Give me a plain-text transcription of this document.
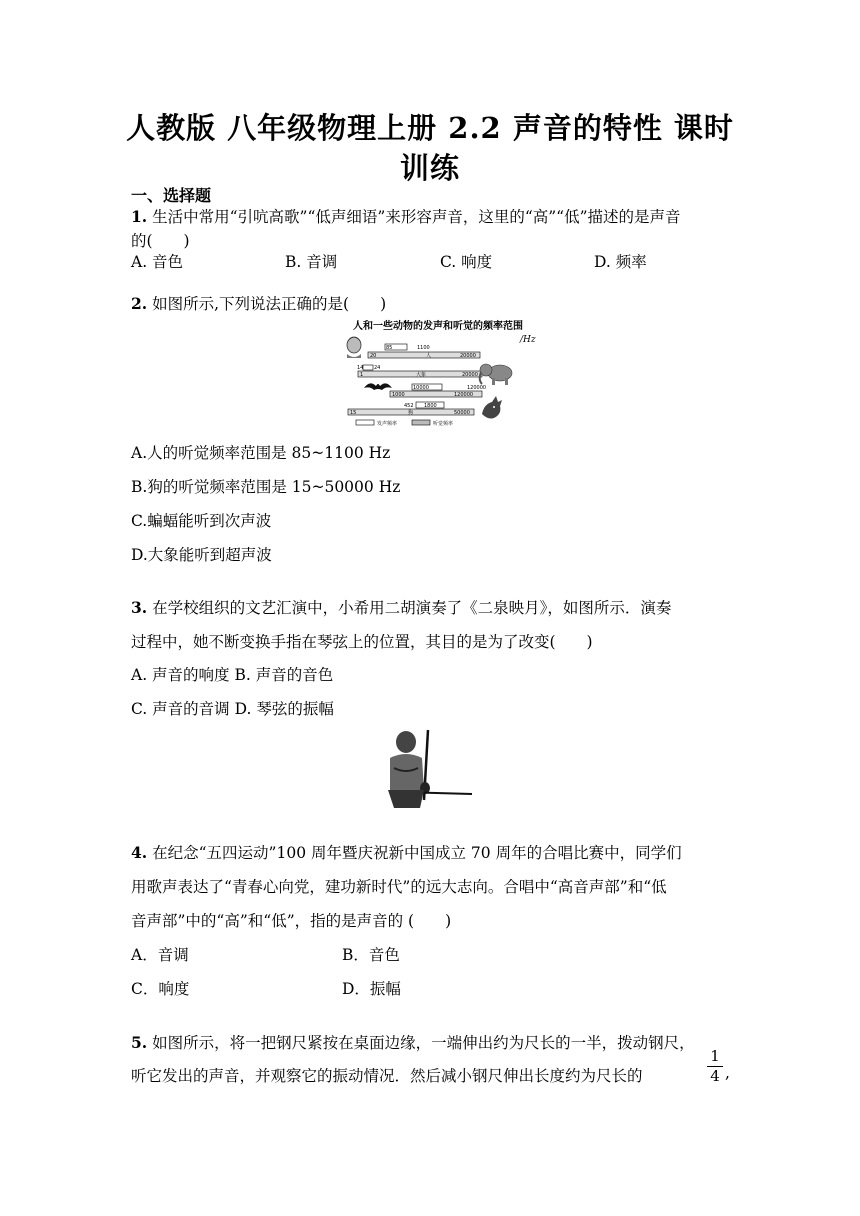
人教版 八年级物理上册 2.2 声音的特性 课时
训练
一、选择题
1. 生活中常用“引吭高歌”“低声细语”来形容声音，这里的“高”“低”描述的是声音
的(　　)
A. 音色	B. 音调	C. 响度	D. 频率
2. 如图所示,下列说法正确的是(　　)
人和一些动物的发声和听觉的频率范围
/Hz
85	1100
20	人	20000
14 24
1	大象	20000
10000	120000
1000	120000
452 1800
15	狗	50000
发声频率	听觉频率
A.人的听觉频率范围是 85~1100 Hz
B.狗的听觉频率范围是 15~50000 Hz
C.蝙蝠能听到次声波
D.大象能听到超声波
3. 在学校组织的文艺汇演中，小希用二胡演奏了《二泉映月》，如图所示．演奏
过程中，她不断变换手指在琴弦上的位置，其目的是为了改变(　　)
A. 声音的响度 B. 声音的音色
C. 声音的音调 D. 琴弦的振幅
4. 在纪念“五四运动”100 周年暨庆祝新中国成立 70 周年的合唱比赛中，同学们
用歌声表达了“青春心向党，建功新时代”的远大志向。合唱中“高音声部”和“低
音声部”中的“高”和“低”，指的是声音的 (　　)
A．音调	B．音色
C．响度	D．振幅
5. 如图所示，将一把钢尺紧按在桌面边缘，一端伸出约为尺长的一半，拨动钢尺，
听它发出的声音，并观察它的振动情况．然后减小钢尺伸出长度约为尺长的
1
4 ,
